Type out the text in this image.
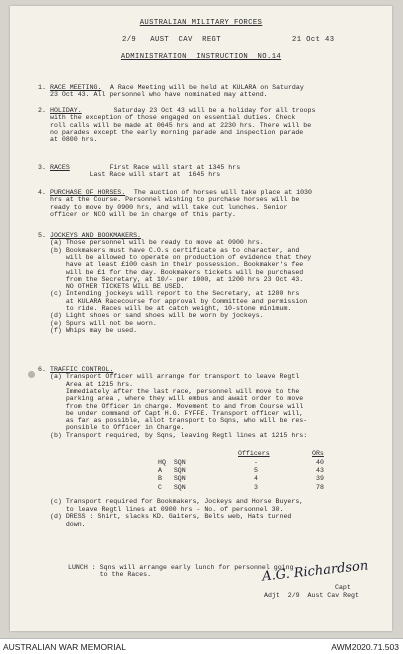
AUSTRALIAN MILITARY FORCES
2/9   AUST  CAV  REGT	21 Oct 43
ADMINISTRATION  INSTRUCTION  NO.14
1. RACE MEETING. A Race Meeting will be held at KULARA on Saturday
23 Oct 43. All personnel who have nominated may attend.
2. HOLIDAY. Saturday 23 Oct 43 will be a holiday for all troops
with the exception of those engaged on essential duties. Check
roll calls will be made at 0645 hrs and at 2230 hrs. There will be
no parades except the early morning parade and inspection parade
at 0800 hrs.
3. RACES First Race will start at 1345 hrs
Last Race will start at  1645 hrs
4. PURCHASE OF HORSES. The auction of horses will take place at 1030
hrs at the Course. Personnel wishing to purchase horses will be
ready to move by 0900 hrs, and will take cut lunches. Senior
officer or NCO will be in charge of this party.
5. JOCKEYS AND BOOKMAKERS.
(a) Those personnel will be ready to move at 0900 hrs.
(b) Bookmakers must have C.O.s certificate as to character, and
will be allowed to operate on production of evidence that they
have at least £100 cash in their possession. Bookmaker's fee
will be £1 for the day. Bookmakers tickets will be purchased
from the Secretary, at 10/- per 1000, at 1200 hrs 23 Oct 43.
NO OTHER TICKETS WILL BE USED.
(c) Intending jockeys will report to the Secretary, at 1200 hrs
at KULARA Racecourse for approval by Committee and permission
to ride. Races will be at catch weight, 10-stone minimum.
(d) Light shoes or sand shoes will be worn by jockeys.
(e) Spurs will not be worn.
(f) Whips may be used.
6. TRAFFIC CONTROL.
(a) Transport Officer will arrange for transport to leave Regtl
Area at 1215 hrs.
Immediately after the last race, personnel will move to the
parking area , where they will embus and await order to move
from the Officer in charge. Movement to and from Course will
be under command of Capt H.G. FYFFE. Transport officer will,
as far as possible, allot transport to Sqns, who will be res-
ponsible to Officer in Charge.
(b) Transport required, by Sqns, leaving Regtl lines at 1215 hrs:
Officers	ORs
HQ  SQN	-	40
A   SQN	5	43
B   SQN	4	39
C   SQN	3	78
(c) Transport required for Bookmakers, Jockeys and Horse Buyers,
to leave Regtl lines at 0900 hrs - No. of personnel 30.
(d) DRESS : Shirt, slacks KD. Gaiters, Belts web, Hats turned
down.
LUNCH : Sqns will arrange early lunch for personnel going
to the Races.	A.G. Richardson
Capt
Adjt  2/9  Aust Cav Regt
AUSTRALIAN WAR MEMORIAL	AWM2020.71.503
